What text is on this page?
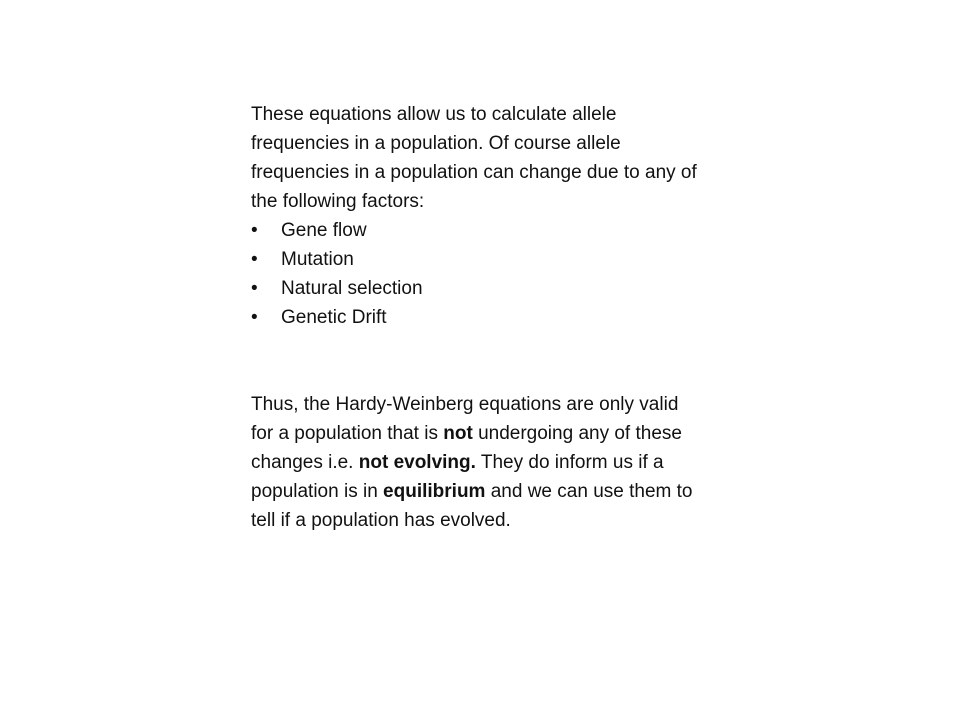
These equations allow us to calculate allele frequencies in a population. Of course allele frequencies in a population can change due to any of the following factors:

•	Gene flow
•	Mutation
•	Natural selection
•	Genetic Drift

Thus, the Hardy-Weinberg equations are only valid for a population that is not undergoing any of these changes i.e. not evolving. They do inform us if a population is in equilibrium and we can use them to tell if a population has evolved.
